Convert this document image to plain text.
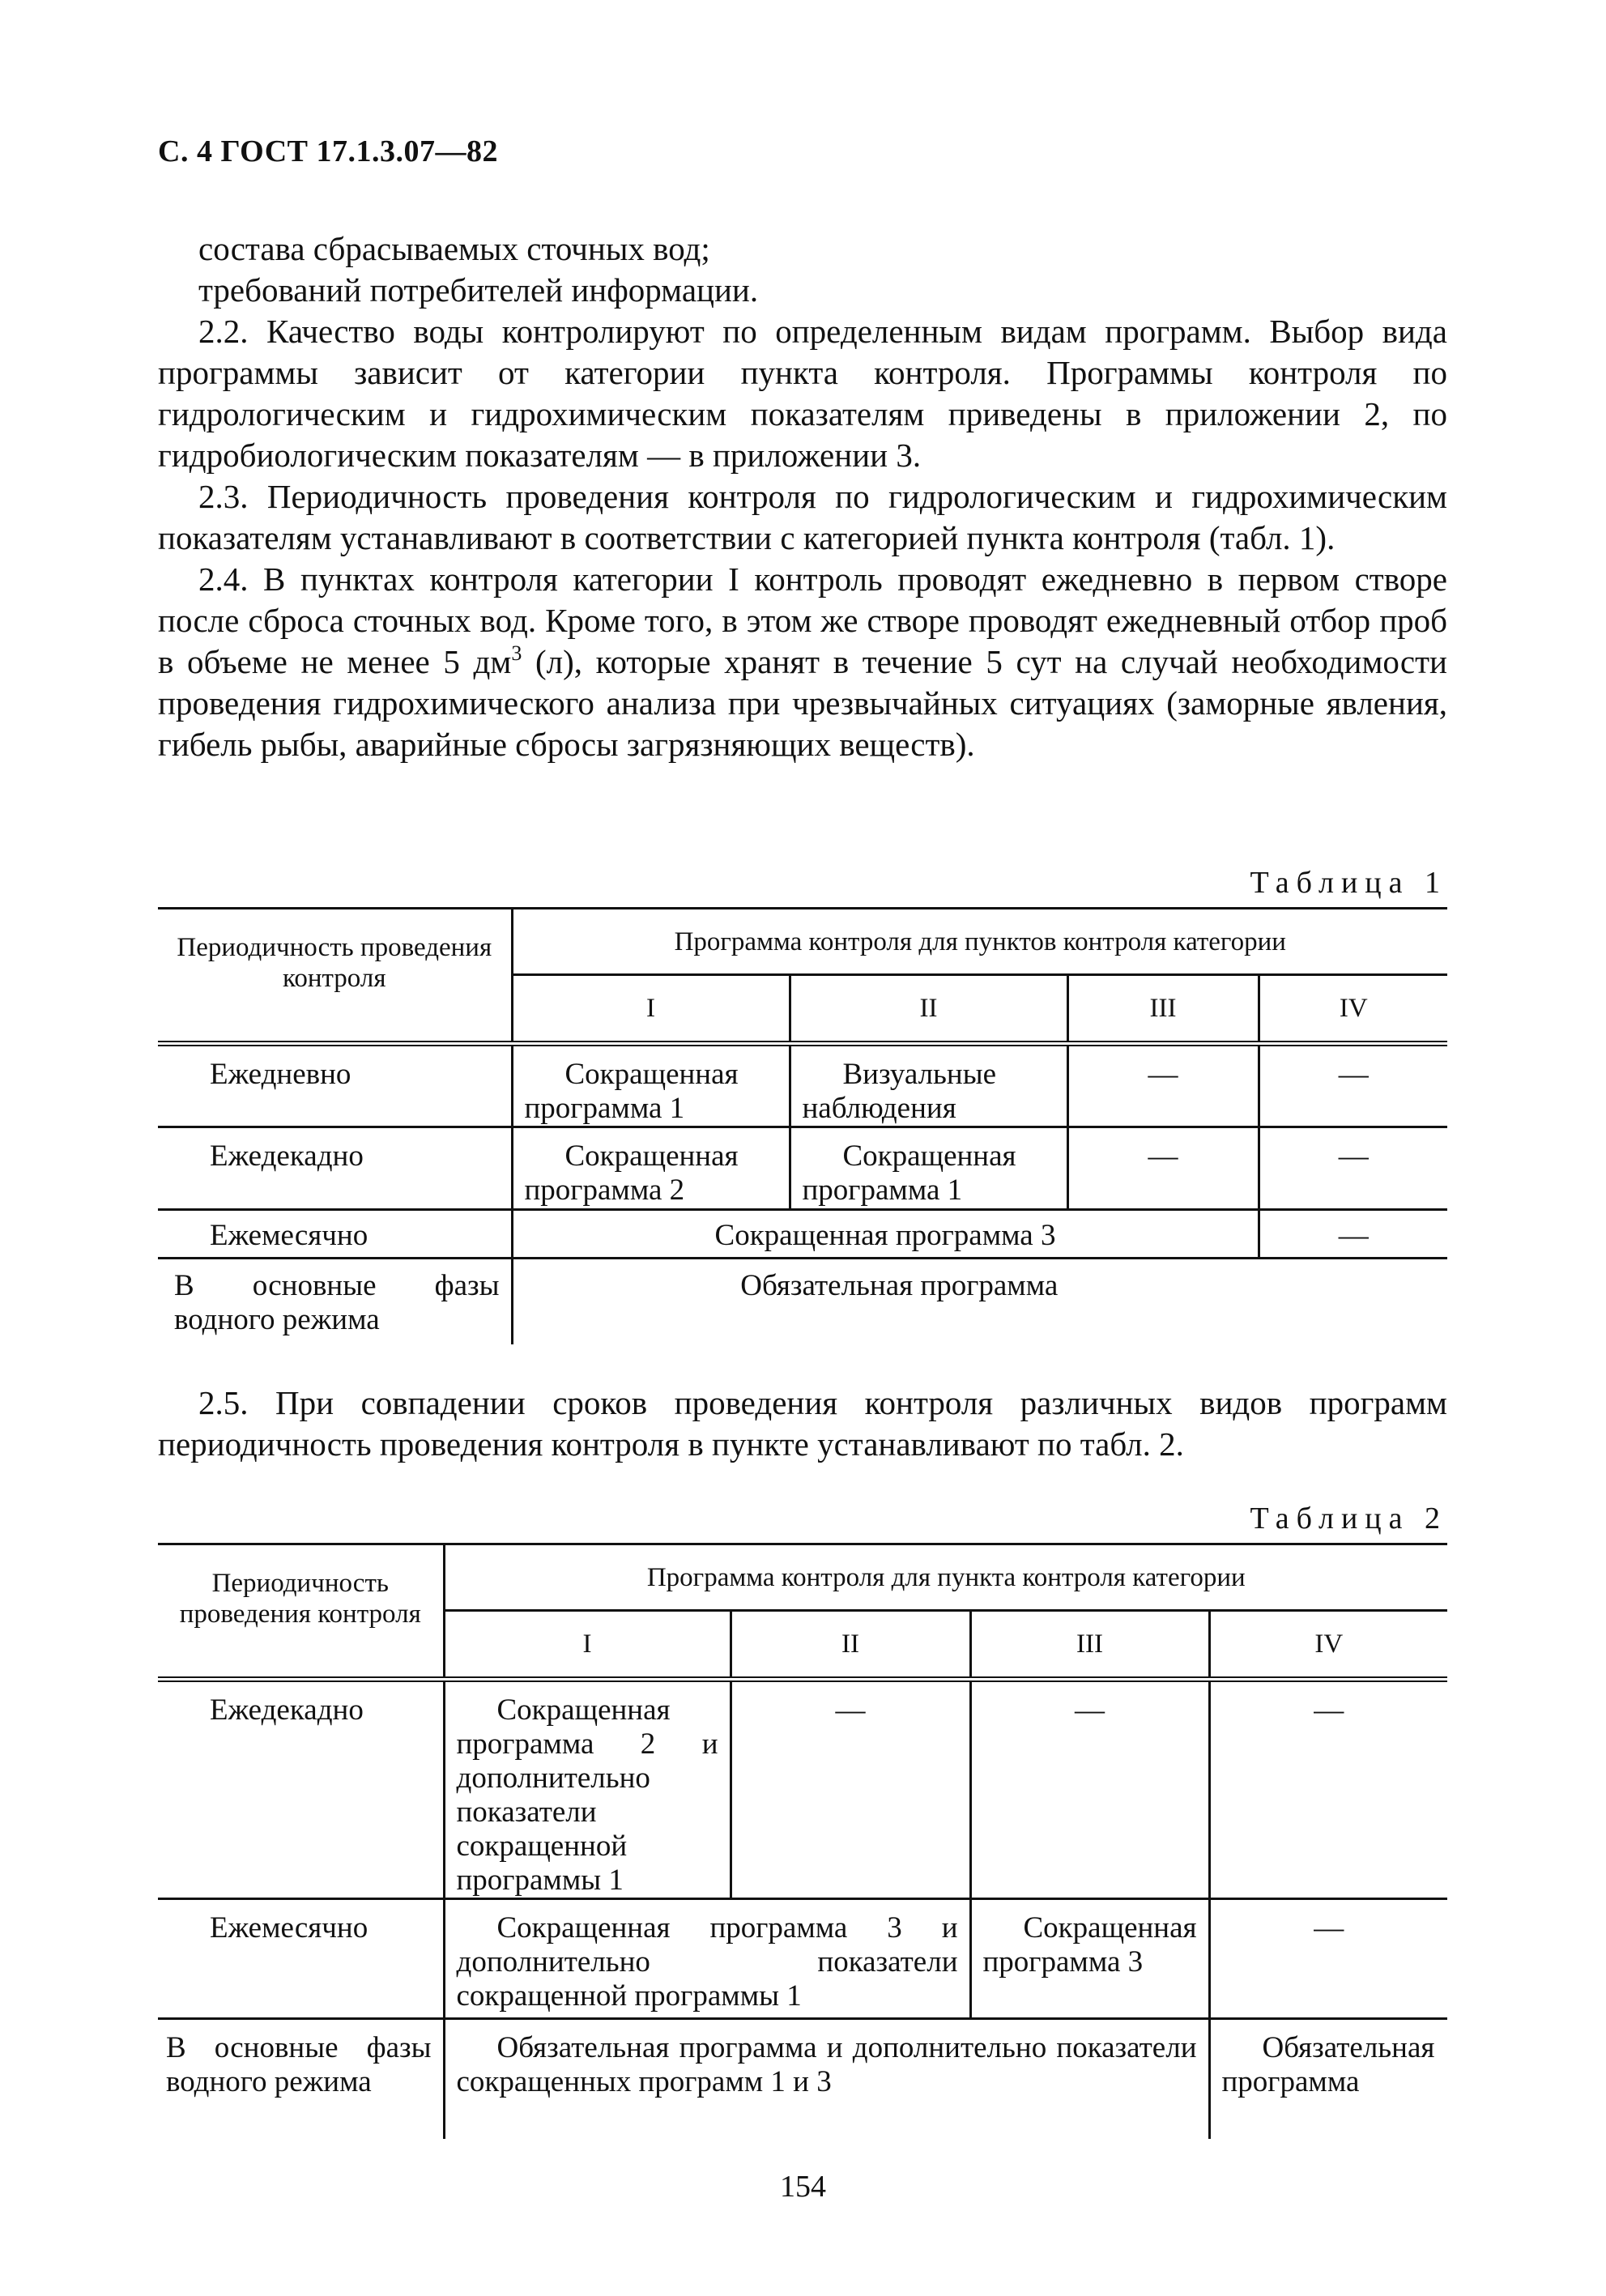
С. 4 ГОСТ 17.1.3.07—82

состава сбрасываемых сточных вод;

требований потребителей информации.

2.2. Качество воды контролируют по определенным видам программ. Выбор вида программы зависит от категории пункта контроля. Программы контроля по гидрологическим и гидрохимическим показателям приведены в приложении 2, по гидробиологическим показателям — в приложении 3.

2.3. Периодичность проведения контроля по гидрологическим и гидрохимическим показателям устанавливают в соответствии с категорией пункта контроля (табл. 1).

2.4. В пунктах контроля категории I контроль проводят ежедневно в первом створе после сброса сточных вод. Кроме того, в этом же створе проводят ежедневный отбор проб в объеме не менее 5 $дм^3$ (л), которые хранят в течение 5 сут на случай необходимости проведения гидрохимического анализа при чрезвычайных ситуациях (заморные явления, гибель рыбы, аварийные сбросы загрязняющих веществ).

Таблица 1
Периодичность проведения контроля	Программа контроля для пунктов контроля категории			
	I	II	III	IV
Ежедневно	Сокращенная программа 1	Визуальные наблюдения	—	—
Ежедекадно	Сокращенная программа 2	Сокращенная программа 1	—	—
Ежемесячно	Сокращенная программа 3			—
В основные фазы водного режима	Обязательная программа			

2.5. При совпадении сроков проведения контроля различных видов программ периодичность проведения контроля в пункте устанавливают по табл. 2.

Таблица 2
Периодичность проведения контроля	Программа контроля для пункта контроля категории			
	I	II	III	IV
Ежедекадно	Сокращенная программа 2 и дополнительно показатели сокращенной программы 1	—	—	—
Ежемесячно	Сокращенная программа 3 и дополнительно показатели сокращенной программы 1		Сокращенная программа 3	—
В основные фазы водного режима	Обязательная программа и дополнительно показатели сокращенных программ 1 и 3			Обязательная программа
154
